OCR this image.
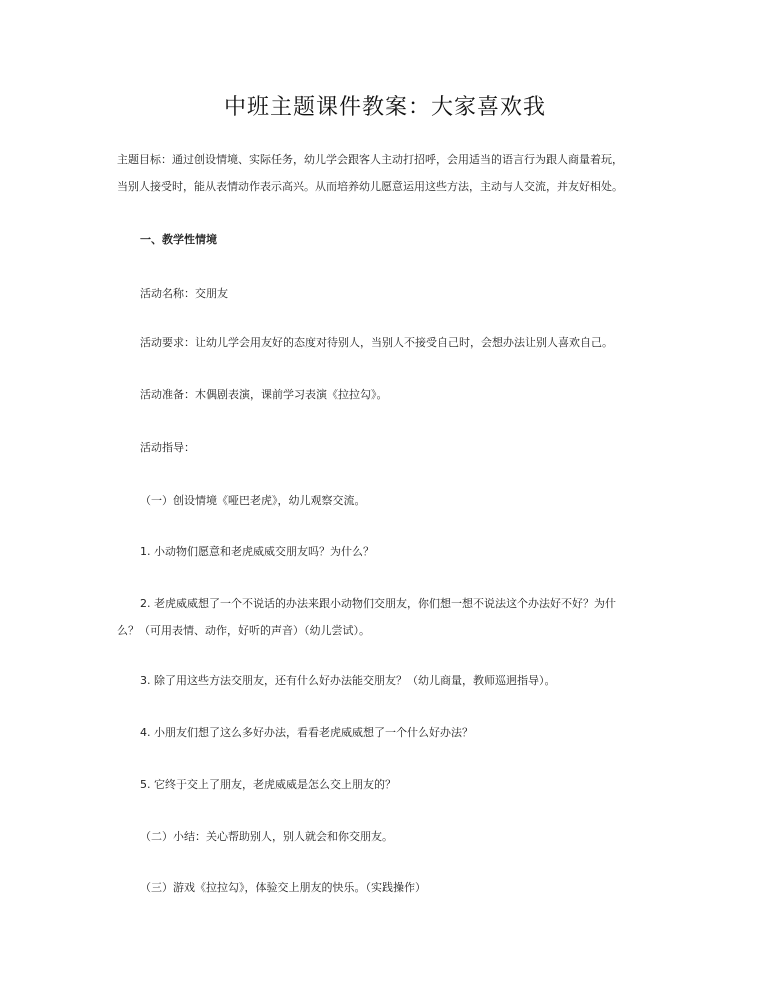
中班主题课件教案：大家喜欢我
主题目标：通过创设情境、实际任务，幼儿学会跟客人主动打招呼，会用适当的语言行为跟人商量着玩，
当别人接受时，能从表情动作表示高兴。从而培养幼儿愿意运用这些方法，主动与人交流，并友好相处。
一、教学性情境
活动名称：交朋友
活动要求：让幼儿学会用友好的态度对待别人，当别人不接受自己时，会想办法让别人喜欢自己。
活动准备：木偶剧表演，课前学习表演《拉拉勾》。
活动指导：
（一）创设情境《哑巴老虎》，幼儿观察交流。
1. 小动物们愿意和老虎威威交朋友吗？为什么？
2. 老虎威威想了一个不说话的办法来跟小动物们交朋友，你们想一想不说法这个办法好不好？为什
么？（可用表情、动作，好听的声音）（幼儿尝试）。
3. 除了用这些方法交朋友，还有什么好办法能交朋友？（幼儿商量，教师巡迥指导）。
4. 小朋友们想了这么多好办法，看看老虎威威想了一个什么好办法？
5. 它终于交上了朋友，老虎威威是怎么交上朋友的？
（二）小结：关心帮助别人，别人就会和你交朋友。
（三）游戏《拉拉勾》，体验交上朋友的快乐。（实践操作）
